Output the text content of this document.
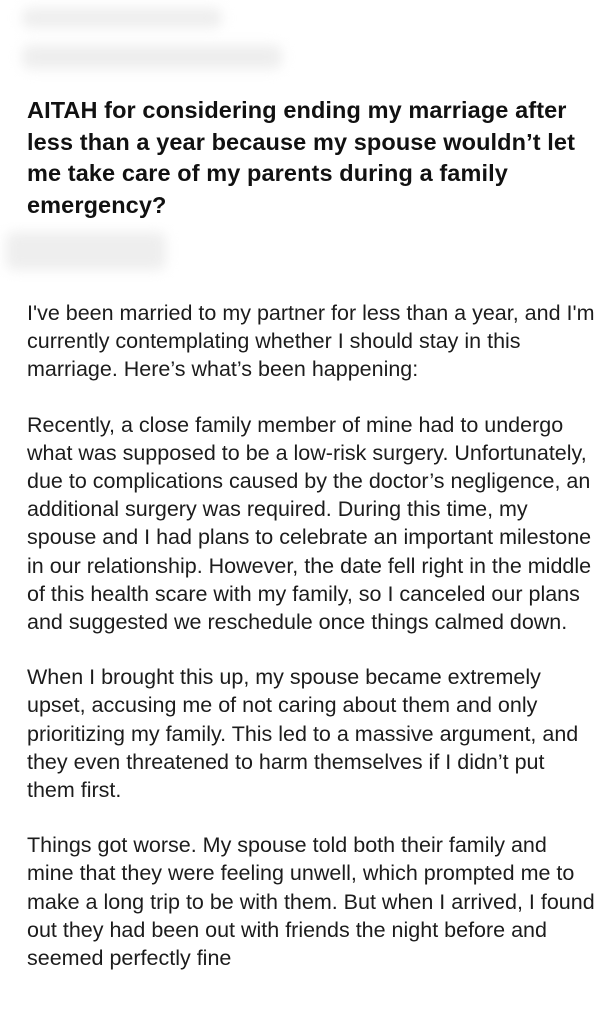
AITAH for considering ending my marriage after less than a year because my spouse wouldn’t let me take care of my parents during a family emergency?

I've been married to my partner for less than a year, and I'm currently contemplating whether I should stay in this marriage. Here’s what’s been happening:

Recently, a close family member of mine had to undergo what was supposed to be a low-risk surgery. Unfortunately, due to complications caused by the doctor’s negligence, an additional surgery was required. During this time, my spouse and I had plans to celebrate an important milestone in our relationship. However, the date fell right in the middle of this health scare with my family, so I canceled our plans and suggested we reschedule once things calmed down.

When I brought this up, my spouse became extremely upset, accusing me of not caring about them and only prioritizing my family. This led to a massive argument, and they even threatened to harm themselves if I didn’t put them first.

Things got worse. My spouse told both their family and mine that they were feeling unwell, which prompted me to make a long trip to be with them. But when I arrived, I found out they had been out with friends the night before and seemed perfectly fine
